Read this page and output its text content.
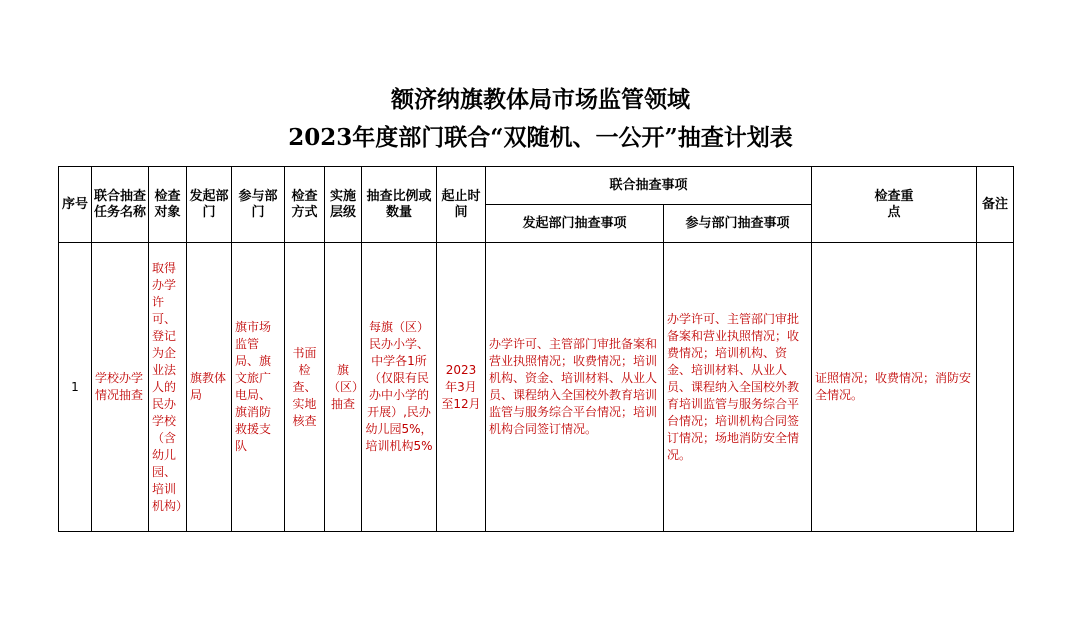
额济纳旗教体局市场监管领域
2023年度部门联合“双随机、一公开”抽查计划表
序号	联合抽查任务名称	检查对象	发起部门	参与部门	检查方式	实施层级	抽查比例或数量	起止时间	联合抽查事项		检查重点	备注

									发起部门抽查事项	参与部门抽查事项		

1	学校办学情况抽查	取得办学许可、登记为企业法人的民办学校（含幼儿园、培训机构）	旗教体局	旗市场监管局、旗文旅广电局、旗消防救援支队	书面检查、实地核查	旗（区）抽查	每旗（区）民办小学、中学各1所（仅限有民办中小学的开展）,民办幼儿园5%，培训机构5%	2023年3月至12月	办学许可、主管部门审批备案和营业执照情况；收费情况；培训机构、资金、培训材料、从业人员、课程纳入全国校外教育培训监管与服务综合平台情况；培训机构合同签订情况。	办学许可、主管部门审批备案和营业执照情况；收费情况；培训机构、资金、培训材料、从业人员、课程纳入全国校外教育培训监管与服务综合平台情况；培训机构合同签订情况；场地消防安全情况。	证照情况；收费情况；消防安全情况。	
